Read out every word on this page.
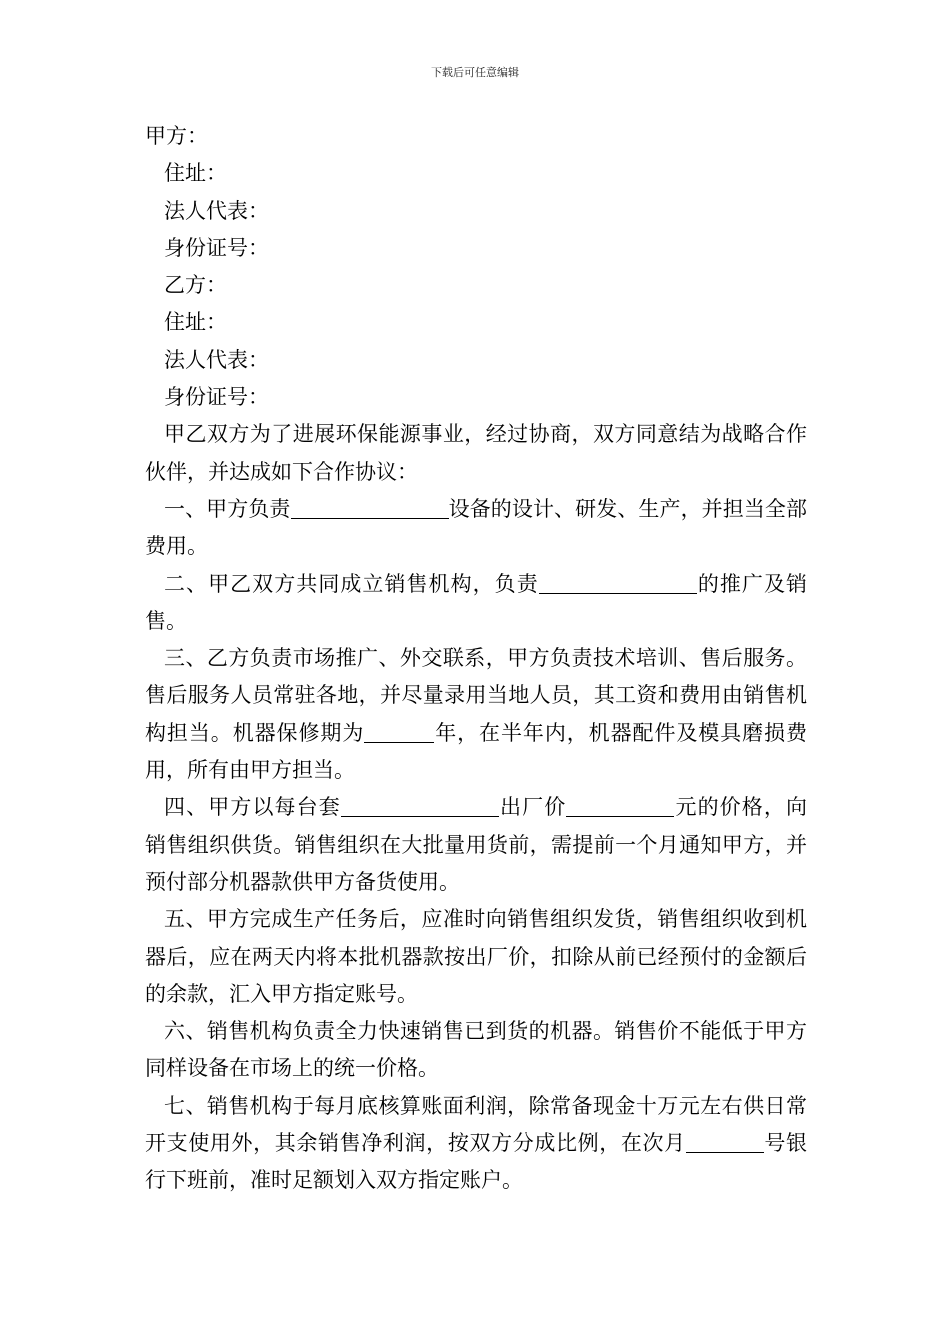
下载后可任意编辑
甲方：
住址：
法人代表：
身份证号：
乙方：
住址：
法人代表：
身份证号：

甲乙双方为了进展环保能源事业，经过协商，双方同意结为战略合作伙伴，并达成如下合作协议：

一、甲方负责	设备的设计、研发、生产，并担当全部费用。

二、甲乙双方共同成立销售机构，负责	的推广及销售。

三、乙方负责市场推广、外交联系，甲方负责技术培训、售后服务。售后服务人员常驻各地，并尽量录用当地人员，其工资和费用由销售机构担当。机器保修期为	年，在半年内，机器配件及模具磨损费用，所有由甲方担当。

四、甲方以每台套	出厂价	元的价格，向销售组织供货。销售组织在大批量用货前，需提前一个月通知甲方，并预付部分机器款供甲方备货使用。

五、甲方完成生产任务后，应准时向销售组织发货，销售组织收到机器后，应在两天内将本批机器款按出厂价，扣除从前已经预付的金额后的余款，汇入甲方指定账号。

六、销售机构负责全力快速销售已到货的机器。销售价不能低于甲方同样设备在市场上的统一价格。

七、销售机构于每月底核算账面利润，除常备现金十万元左右供日常开支使用外，其余销售净利润，按双方分成比例，在次月	号银行下班前，准时足额划入双方指定账户。
